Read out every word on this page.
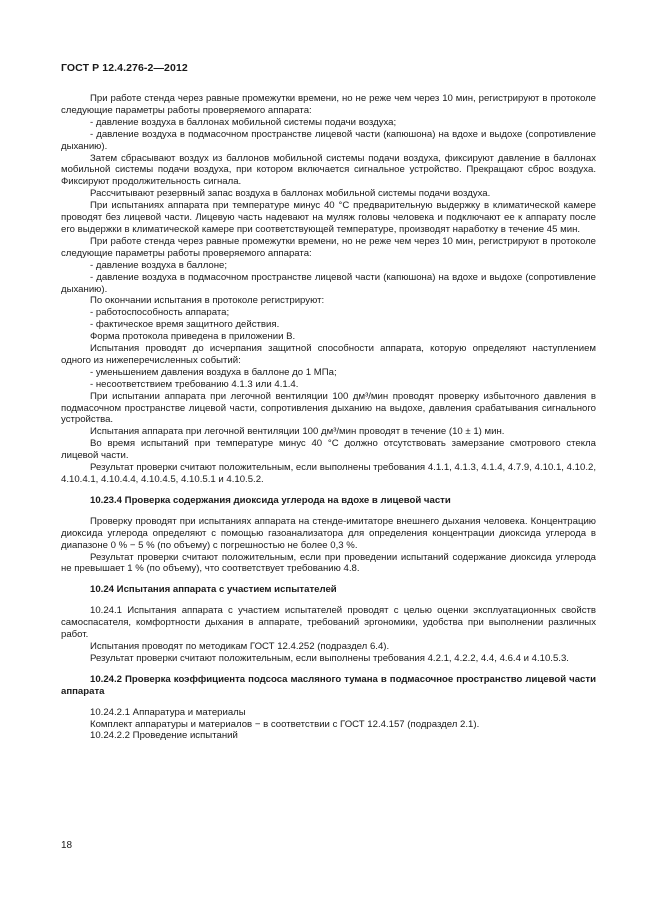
ГОСТ Р 12.4.276-2—2012

При работе стенда через равные промежутки времени, но не реже чем через 10 мин, регистрируют в протоколе следующие параметры работы проверяемого аппарата:

- давление воздуха в баллонах мобильной системы подачи воздуха;

- давление воздуха в подмасочном пространстве лицевой части (капюшона) на вдохе и выдохе (сопротивление дыханию).

Затем сбрасывают воздух из баллонов мобильной системы подачи воздуха, фиксируют давление в баллонах мобильной системы подачи воздуха, при котором включается сигнальное устройство. Прекращают сброс воздуха. Фиксируют продолжительность сигнала.

Рассчитывают резервный запас воздуха в баллонах мобильной системы подачи воздуха.

При испытаниях аппарата при температуре минус 40 °С предварительную выдержку в климатической камере проводят без лицевой части. Лицевую часть надевают на муляж головы человека и подключают ее к аппарату после его выдержки в климатической камере при соответствующей температуре, производят наработку в течение 45 мин.

При работе стенда через равные промежутки времени, но не реже чем через 10 мин, регистрируют в протоколе следующие параметры работы проверяемого аппарата:

- давление воздуха в баллоне;

- давление воздуха в подмасочном пространстве лицевой части (капюшона) на вдохе и выдохе (сопротивление дыханию).

По окончании испытания в протоколе регистрируют:

- работоспособность аппарата;

- фактическое время защитного действия.

Форма протокола приведена в приложении В.

Испытания проводят до исчерпания защитной способности аппарата, которую определяют наступлением одного из нижеперечисленных событий:

- уменьшением давления воздуха в баллоне до 1 МПа;

- несоответствием требованию 4.1.3 или 4.1.4.

При испытании аппарата при легочной вентиляции 100 дм³/мин проводят проверку избыточного давления в подмасочном пространстве лицевой части, сопротивления дыханию на выдохе, давления срабатывания сигнального устройства.

Испытания аппарата при легочной вентиляции 100 дм³/мин проводят в течение (10 ± 1) мин.

Во время испытаний при температуре минус 40 °С должно отсутствовать замерзание смотрового стекла лицевой части.

Результат проверки считают положительным, если выполнены требования 4.1.1, 4.1.3, 4.1.4, 4.7.9, 4.10.1, 4.10.2, 4.10.4.1, 4.10.4.4, 4.10.4.5, 4.10.5.1 и 4.10.5.2.

10.23.4 Проверка содержания диоксида углерода на вдохе в лицевой части

Проверку проводят при испытаниях аппарата на стенде-имитаторе внешнего дыхания человека. Концентрацию диоксида углерода определяют с помощью газоанализатора для определения концентрации диоксида углерода в диапазоне 0 % − 5 % (по объему) с погрешностью не более 0,3 %.

Результат проверки считают положительным, если при проведении испытаний содержание диоксида углерода не превышает 1 % (по объему), что соответствует требованию 4.8.

10.24 Испытания аппарата с участием испытателей

10.24.1 Испытания аппарата с участием испытателей проводят с целью оценки эксплуатационных свойств самоспасателя, комфортности дыхания в аппарате, требований эргономики, удобства при выполнении различных работ.

Испытания проводят по методикам ГОСТ 12.4.252 (подраздел 6.4).

Результат проверки считают положительным, если выполнены требования 4.2.1, 4.2.2, 4.4, 4.6.4 и 4.10.5.3.

10.24.2 Проверка коэффициента подсоса масляного тумана в подмасочное пространство лицевой части аппарата

10.24.2.1 Аппаратура и материалы

Комплект аппаратуры и материалов − в соответствии с ГОСТ 12.4.157 (подраздел 2.1).

10.24.2.2 Проведение испытаний

18
